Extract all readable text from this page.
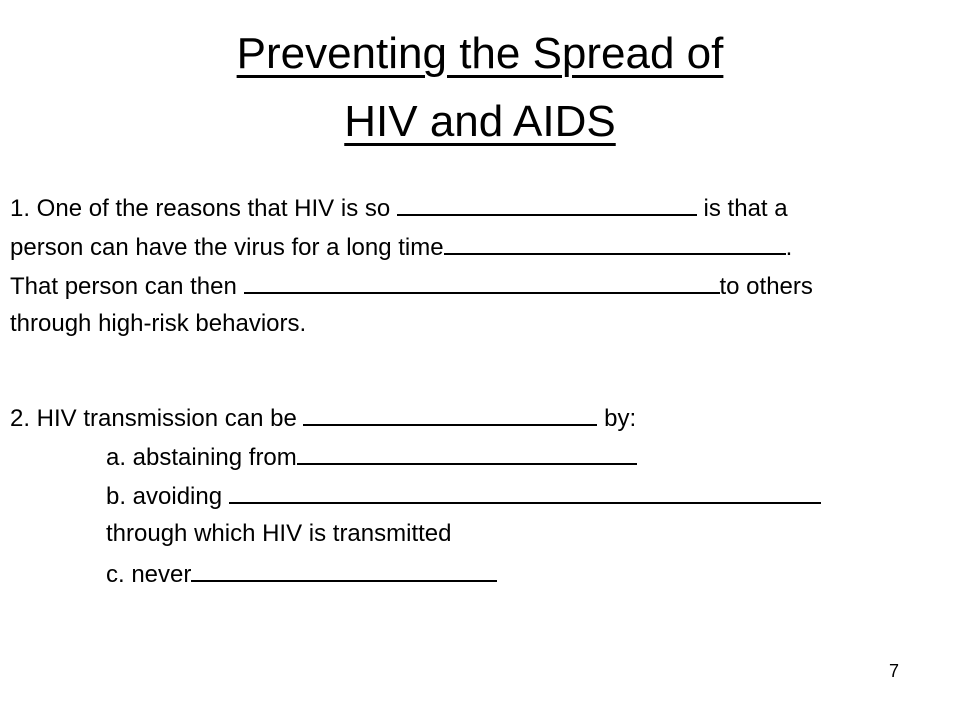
Preventing the Spread of
HIV and AIDS
1. One of the reasons that HIV is so	is that a
person can have the virus for a long time	.
That person can then	to others
through high-risk behaviors.
2. HIV transmission can be	by:
a. abstaining from
b. avoiding
through which HIV is transmitted
c. never
7
